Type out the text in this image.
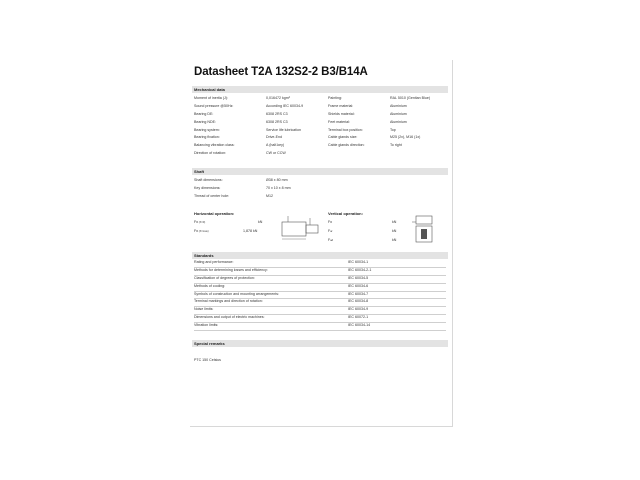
Datasheet T2A 132S2-2 B3/B14A
Mechanical data
Moment of inertia (J):	0,016472 kgm²	Painting:	RAL 5010 (Gentian Blue)
Sound pressure @50Hz:	According IEC 60034-9	Frame material:	Aluminium
Bearing DE:	6308 2RS C3	Shields material:	Aluminium
Bearing NDE:	6308 2RS C3	Feet material:	Aluminium
Bearing system:	Service life lubrication	Terminal box position:	Top
Bearing fixation:	Drive-End	Cable glands size:	M25 (2x), M16 (1x)
Balancing vibration class:	A (half-key)	Cable glands direction:	To right
Direction of rotation:	CW or CCW
Shaft
Shaft dimensions:	Ø38 x 80 mm
Key dimensions:	70 x 10 x 8 mm
Thread of center hole:	M12
Horizontal operation:
FR (X=0)	kN
FR (X=max)	1,878 kN
Vertical operation:
FR	kN
Far	kN
Fad	kN
Standards
Rating and performance:	IEC 60034-1
Methods for determining losses and efficiency:	IEC 60034-2-1
Classification of degrees of protection:	IEC 60034-5
Methods of cooling:	IEC 60034-6
Symbols of construction and mounting arrangements:	IEC 60034-7
Terminal markings and direction of rotation:	IEC 60034-8
Noise limits:	IEC 60034-9
Dimensions and output of electric machines:	IEC 60072-1
Vibration limits:	IEC 60034-14
Special remarks
PTC 150 Celsius
